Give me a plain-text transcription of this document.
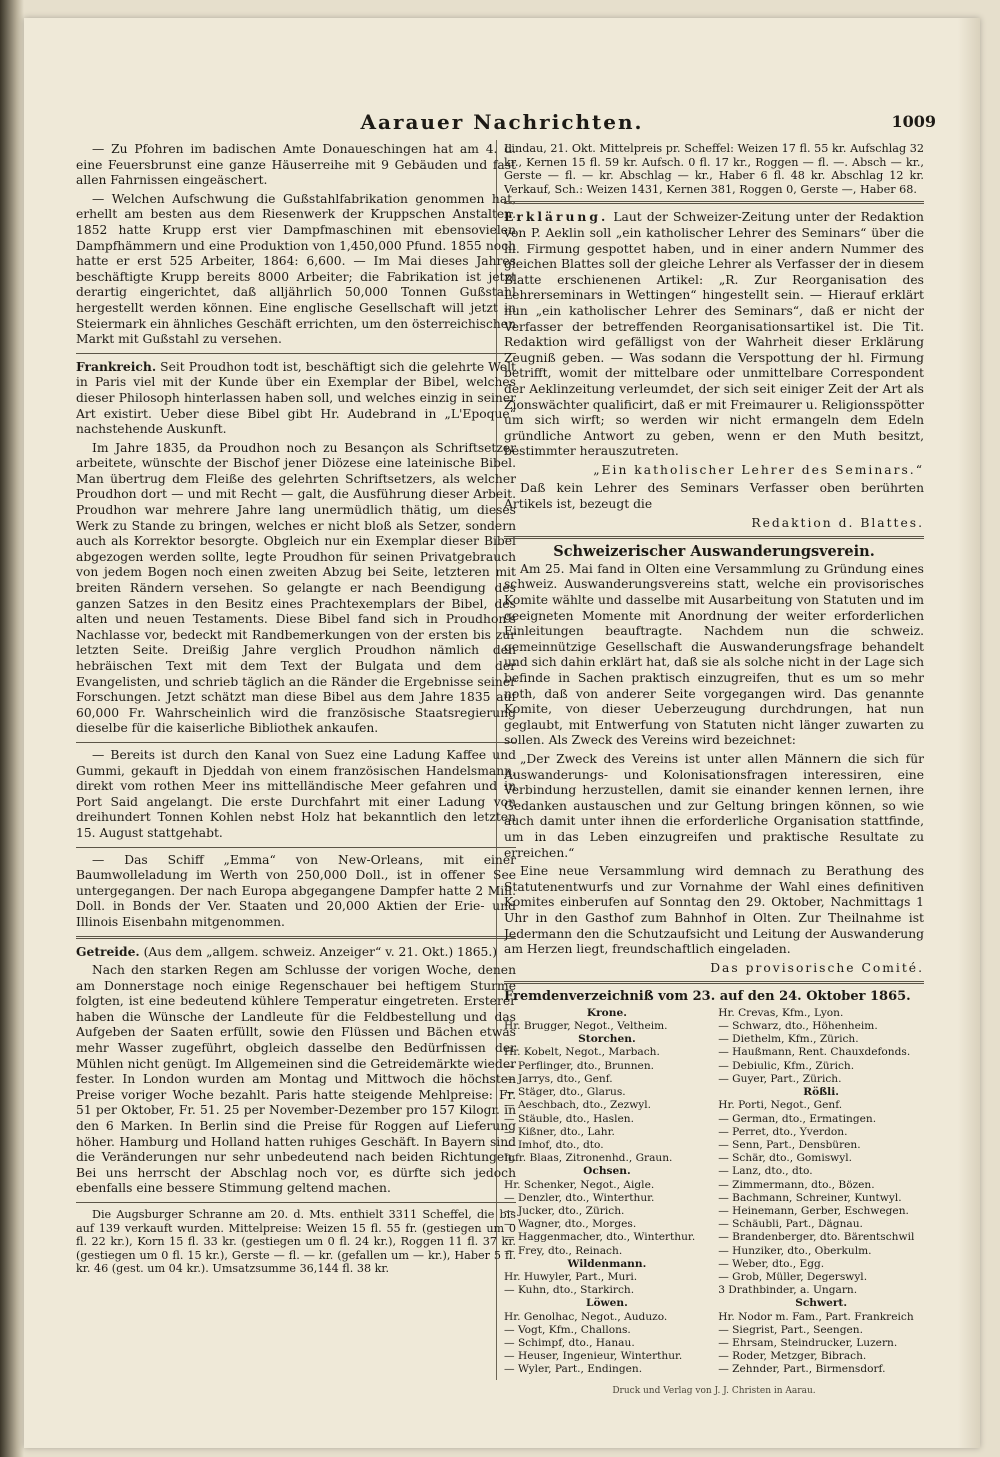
Aarauer Nachrichten.	1009

— Zu Pfohren im badischen Amte Donaueschingen hat am 4. d. eine Feuersbrunst eine ganze Häuserreihe mit 9 Gebäuden und fast allen Fahrnissen eingeäschert.

— Welchen Aufschwung die Gußstahlfabrikation genommen hat, erhellt am besten aus dem Riesenwerk der Kruppschen Anstalten. 1852 hatte Krupp erst vier Dampfmaschinen mit ebensovielen Dampfhämmern und eine Produktion von 1,450,000 Pfund. 1855 noch hatte er erst 525 Arbeiter, 1864: 6,600. — Im Mai dieses Jahres beschäftigte Krupp bereits 8000 Arbeiter; die Fabrikation ist jetzt derartig eingerichtet, daß alljährlich 50,000 Tonnen Gußstahl hergestellt werden können. Eine englische Gesellschaft will jetzt in Steiermark ein ähnliches Geschäft errichten, um den österreichischen Markt mit Gußstahl zu versehen.

Frankreich. Seit Proudhon todt ist, beschäftigt sich die gelehrte Welt in Paris viel mit der Kunde über ein Exemplar der Bibel, welches dieser Philosoph hinterlassen haben soll, und welches einzig in seiner Art existirt. Ueber diese Bibel gibt Hr. Audebrand in „L'Epoque“ nachstehende Auskunft.

Im Jahre 1835, da Proudhon noch zu Besançon als Schriftsetzer arbeitete, wünschte der Bischof jener Diözese eine lateinische Bibel. Man übertrug dem Fleiße des gelehrten Schriftsetzers, als welcher Proudhon dort — und mit Recht — galt, die Ausführung dieser Arbeit. Proudhon war mehrere Jahre lang unermüdlich thätig, um dieses Werk zu Stande zu bringen, welches er nicht bloß als Setzer, sondern auch als Korrektor besorgte. Obgleich nur ein Exemplar dieser Bibel abgezogen werden sollte, legte Proudhon für seinen Privatgebrauch von jedem Bogen noch einen zweiten Abzug bei Seite, letzteren mit breiten Rändern versehen. So gelangte er nach Beendigung des ganzen Satzes in den Besitz eines Prachtexemplars der Bibel, des alten und neuen Testaments. Diese Bibel fand sich in Proudhon's Nachlasse vor, bedeckt mit Randbemerkungen von der ersten bis zur letzten Seite. Dreißig Jahre verglich Proudhon nämlich den hebräischen Text mit dem Text der Bulgata und dem der Evangelisten, und schrieb täglich an die Ränder die Ergebnisse seiner Forschungen. Jetzt schätzt man diese Bibel aus dem Jahre 1835 auf 60,000 Fr. Wahrscheinlich wird die französische Staatsregierung dieselbe für die kaiserliche Bibliothek ankaufen.

— Bereits ist durch den Kanal von Suez eine Ladung Kaffee und Gummi, gekauft in Djeddah von einem französischen Handelsmann, direkt vom rothen Meer ins mittelländische Meer gefahren und in Port Said angelangt. Die erste Durchfahrt mit einer Ladung von dreihundert Tonnen Kohlen nebst Holz hat bekanntlich den letzten 15. August stattgehabt.

— Das Schiff „Emma“ von New-Orleans, mit einer Baumwolleladung im Werth von 250,000 Doll., ist in offener See untergegangen. Der nach Europa abgegangene Dampfer hatte 2 Mill. Doll. in Bonds der Ver. Staaten und 20,000 Aktien der Erie- und Illinois Eisenbahn mitgenommen.

Getreide. (Aus dem „allgem. schweiz. Anzeiger“ v. 21. Okt.) 1865.)

Nach den starken Regen am Schlusse der vorigen Woche, denen am Donnerstage noch einige Regenschauer bei heftigem Sturme folgten, ist eine bedeutend kühlere Temperatur eingetreten. Ersterer haben die Wünsche der Landleute für die Feldbestellung und das Aufgeben der Saaten erfüllt, sowie den Flüssen und Bächen etwas mehr Wasser zugeführt, obgleich dasselbe den Bedürfnissen der Mühlen nicht genügt. Im Allgemeinen sind die Getreidemärkte wieder fester. In London wurden am Montag und Mittwoch die höchsten Preise voriger Woche bezahlt. Paris hatte steigende Mehlpreise: Fr. 51 per Oktober, Fr. 51. 25 per November-Dezember pro 157 Kilogr. in den 6 Marken. In Berlin sind die Preise für Roggen auf Lieferung höher. Hamburg und Holland hatten ruhiges Geschäft. In Bayern sind die Veränderungen nur sehr unbedeutend nach beiden Richtungen. Bei uns herrscht der Abschlag noch vor, es dürfte sich jedoch ebenfalls eine bessere Stimmung geltend machen.

Die Augsburger Schranne am 20. d. Mts. enthielt 3311 Scheffel, die bis auf 139 verkauft wurden. Mittelpreise: Weizen 15 fl. 55 fr. (gestiegen um 0 fl. 22 kr.), Korn 15 fl. 33 kr. (gestiegen um 0 fl. 24 kr.), Roggen 11 fl. 37 kr. (gestiegen um 0 fl. 15 kr.), Gerste — fl. — kr. (gefallen um — kr.), Haber 5 fl. kr. 46 (gest. um 04 kr.). Umsatzsumme 36,144 fl. 38 kr.

Lindau, 21. Okt. Mittelpreis pr. Scheffel: Weizen 17 fl. 55 kr. Aufschlag 32 kr., Kernen 15 fl. 59 kr. Aufsch. 0 fl. 17 kr., Roggen — fl. —. Absch — kr., Gerste — fl. — kr. Abschlag — kr., Haber 6 fl. 48 kr. Abschlag 12 kr. Verkauf, Sch.: Weizen 1431, Kernen 381, Roggen 0, Gerste —, Haber 68.

Erklärung. Laut der Schweizer-Zeitung unter der Redaktion von P. Aeklin soll „ein katholischer Lehrer des Seminars“ über die hl. Firmung gespottet haben, und in einer andern Nummer des gleichen Blattes soll der gleiche Lehrer als Verfasser der in diesem Blatte erschienenen Artikel: „R. Zur Reorganisation des Lehrerseminars in Wettingen“ hingestellt sein. — Hierauf erklärt nun „ein katholischer Lehrer des Seminars“, daß er nicht der Verfasser der betreffenden Reorganisationsartikel ist. Die Tit. Redaktion wird gefälligst von der Wahrheit dieser Erklärung Zeugniß geben. — Was sodann die Verspottung der hl. Firmung betrifft, womit der mittelbare oder unmittelbare Correspondent der Aeklinzeitung verleumdet, der sich seit einiger Zeit der Art als Zionswächter qualificirt, daß er mit Freimaurer u. Religionsspötter um sich wirft; so werden wir nicht ermangeln dem Edeln gründliche Antwort zu geben, wenn er den Muth besitzt, bestimmter herauszutreten.

„Ein katholischer Lehrer des Seminars.“

Daß kein Lehrer des Seminars Verfasser oben berührten Artikels ist, bezeugt die

Redaktion d. Blattes.
Schweizerischer Auswanderungsverein.

Am 25. Mai fand in Olten eine Versammlung zu Gründung eines schweiz. Auswanderungsvereins statt, welche ein provisorisches Komite wählte und dasselbe mit Ausarbeitung von Statuten und im geeigneten Momente mit Anordnung der weiter erforderlichen Einleitungen beauftragte. Nachdem nun die schweiz. gemeinnützige Gesellschaft die Auswanderungsfrage behandelt und sich dahin erklärt hat, daß sie als solche nicht in der Lage sich befinde in Sachen praktisch einzugreifen, thut es um so mehr noth, daß von anderer Seite vorgegangen wird. Das genannte Komite, von dieser Ueberzeugung durchdrungen, hat nun geglaubt, mit Entwerfung von Statuten nicht länger zuwarten zu sollen. Als Zweck des Vereins wird bezeichnet:

„Der Zweck des Vereins ist unter allen Männern die sich für Auswanderungs- und Kolonisationsfragen interessiren, eine Verbindung herzustellen, damit sie einander kennen lernen, ihre Gedanken austauschen und zur Geltung bringen können, so wie auch damit unter ihnen die erforderliche Organisation stattfinde, um in das Leben einzugreifen und praktische Resultate zu erreichen.“

Eine neue Versammlung wird demnach zu Berathung des Statutenentwurfs und zur Vornahme der Wahl eines definitiven Komites einberufen auf Sonntag den 29. Oktober, Nachmittags 1 Uhr in den Gasthof zum Bahnhof in Olten. Zur Theilnahme ist Jedermann den die Schutzaufsicht und Leitung der Auswanderung am Herzen liegt, freundschaftlich eingeladen.

Das provisorische Comité.
Fremdenverzeichniß vom 23. auf den 24. Oktober 1865.
Krone.
Hr. Brugger, Negot., Veltheim.
Storchen.
Hr. Kobelt, Negot., Marbach.
— Perflinger, dto., Brunnen.
— Jarrys, dto., Genf.
— Stäger, dto., Glarus.
— Aeschbach, dto., Zezwyl.
— Stäuble, dto., Haslen.
— Kißner, dto., Lahr.
— Imhof, dto., dto.
Igfr. Blaas, Zitronenhd., Graun.
Ochsen.
Hr. Schenker, Negot., Aigle.
— Denzler, dto., Winterthur.
— Jucker, dto., Zürich.
— Wagner, dto., Morges.
— Haggenmacher, dto., Winterthur.
— Frey, dto., Reinach.
Wildenmann.
Hr. Huwyler, Part., Muri.
— Kuhn, dto., Starkirch.
Löwen.
Hr. Genolhac, Negot., Auduzo.
— Vogt, Kfm., Challons.
— Schimpf, dto., Hanau.
— Heuser, Ingenieur, Winterthur.
— Wyler, Part., Endingen.
Hr. Crevas, Kfm., Lyon.
— Schwarz, dto., Höhenheim.
— Diethelm, Kfm., Zürich.
— Haußmann, Rent. Chauxdefonds.
— Debiulic, Kfm., Zürich.
— Guyer, Part., Zürich.
Rößli.
Hr. Porti, Negot., Genf.
— German, dto., Ermatingen.
— Perret, dto., Yverdon.
— Senn, Part., Densbüren.
— Schär, dto., Gomiswyl.
— Lanz, dto., dto.
— Zimmermann, dto., Bözen.
— Bachmann, Schreiner, Kuntwyl.
— Heinemann, Gerber, Eschwegen.
— Schäubli, Part., Dägnau.
— Brandenberger, dto. Bärentschwil
— Hunziker, dto., Oberkulm.
— Weber, dto., Egg.
— Grob, Müller, Degerswyl.
3 Drathbinder, a. Ungarn.
Schwert.
Hr. Nodor m. Fam., Part. Frankreich
— Siegrist, Part., Seengen.
— Ehrsam, Steindrucker, Luzern.
— Roder, Metzger, Bibrach.
— Zehnder, Part., Birmensdorf.
Druck und Verlag von J. J. Christen in Aarau.
